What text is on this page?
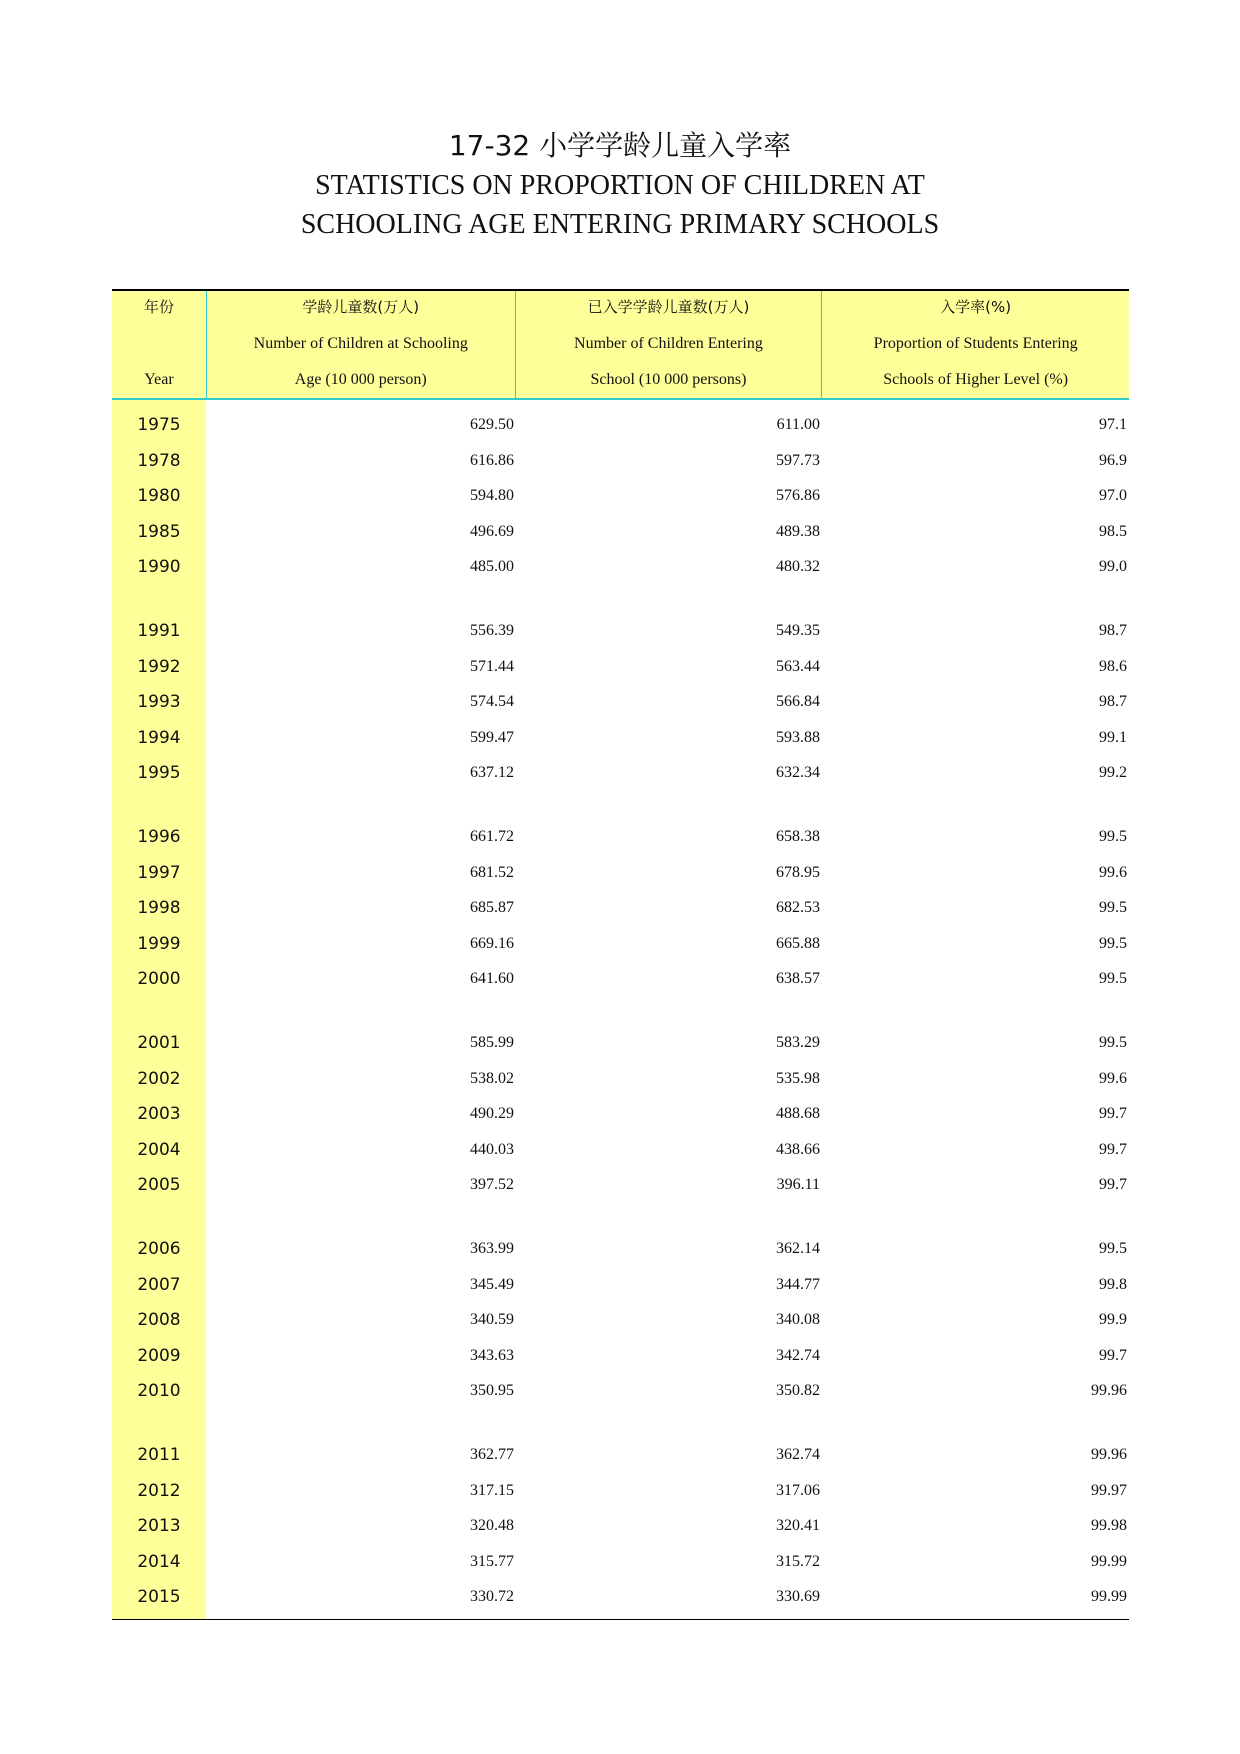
17-32 小学学龄儿童入学率
STATISTICS ON PROPORTION OF CHILDREN AT
SCHOOLING AGE ENTERING PRIMARY SCHOOLS
年份
Year
学龄儿童数(万人)
Number of Children at Schooling
Age (10 000 person)
已入学学龄儿童数(万人)
Number of Children Entering
School (10 000 persons)
入学率(%)
Proportion of Students Entering
Schools of Higher Level (%)
1975	629.50	611.00	97.1
1978	616.86	597.73	96.9
1980	594.80	576.86	97.0
1985	496.69	489.38	98.5
1990	485.00	480.32	99.0
1991	556.39	549.35	98.7
1992	571.44	563.44	98.6
1993	574.54	566.84	98.7
1994	599.47	593.88	99.1
1995	637.12	632.34	99.2
1996	661.72	658.38	99.5
1997	681.52	678.95	99.6
1998	685.87	682.53	99.5
1999	669.16	665.88	99.5
2000	641.60	638.57	99.5
2001	585.99	583.29	99.5
2002	538.02	535.98	99.6
2003	490.29	488.68	99.7
2004	440.03	438.66	99.7
2005	397.52	396.11	99.7
2006	363.99	362.14	99.5
2007	345.49	344.77	99.8
2008	340.59	340.08	99.9
2009	343.63	342.74	99.7
2010	350.95	350.82	99.96
2011	362.77	362.74	99.96
2012	317.15	317.06	99.97
2013	320.48	320.41	99.98
2014	315.77	315.72	99.99
2015	330.72	330.69	99.99
